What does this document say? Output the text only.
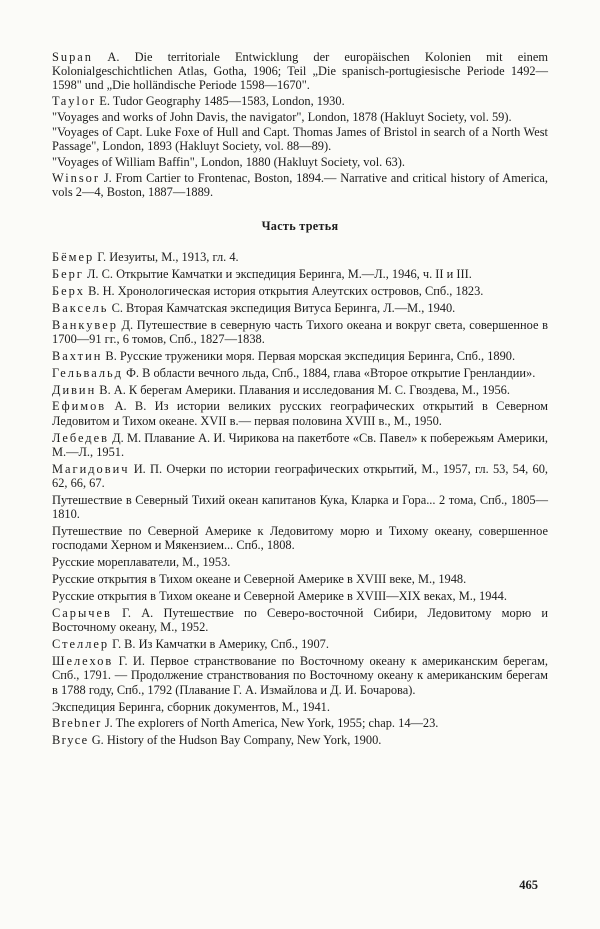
Supan A. Die territoriale Entwicklung der europäischen Kolonien mit einem Kolonialgeschichtlichen Atlas, Gotha, 1906; Teil „Die spanisch-portugiesische Periode 1492—1598" und „Die holländische Periode 1598—1670".

Taylor E. Tudor Geography 1485—1583, London, 1930.

"Voyages and works of John Davis, the navigator", London, 1878 (Hakluyt Society, vol. 59).

"Voyages of Capt. Luke Foxe of Hull and Capt. Thomas James of Bristol in search of a North West Passage", London, 1893 (Hakluyt Society, vol. 88—89).

"Voyages of William Baffin", London, 1880 (Hakluyt Society, vol. 63).

Winsor J. From Cartier to Frontenac, Boston, 1894.— Narrative and critical history of America, vols 2—4, Boston, 1887—1889.

Часть третья

Бёмер Г. Иезуиты, М., 1913, гл. 4.

Берг Л. С. Открытие Камчатки и экспедиция Беринга, М.—Л., 1946, ч. II и III.

Берх В. Н. Хронологическая история открытия Алеутских островов, Спб., 1823.

Ваксель С. Вторая Камчатская экспедиция Витуса Беринга, Л.—М., 1940.

Ванкувер Д. Путешествие в северную часть Тихого океана и вокруг света, совершенное в 1700—91 гг., 6 томов, Спб., 1827—1838.

Вахтин В. Русские труженики моря. Первая морская экспедиция Беринга, Спб., 1890.

Гельвальд Ф. В области вечного льда, Спб., 1884, глава «Второе открытие Гренландии».

Дивин В. А. К берегам Америки. Плавания и исследования М. С. Гвоздева, М., 1956.

Ефимов А. В. Из истории великих русских географических открытий в Северном Ледовитом и Тихом океане. XVII в.— первая половина XVIII в., М., 1950.

Лебедев Д. М. Плавание А. И. Чирикова на пакетботе «Св. Павел» к побережьям Америки, М.—Л., 1951.

Магидович И. П. Очерки по истории географических открытий, М., 1957, гл. 53, 54, 60, 62, 66, 67.

Путешествие в Северный Тихий океан капитанов Кука, Кларка и Гора... 2 тома, Спб., 1805—1810.

Путешествие по Северной Америке к Ледовитому морю и Тихому океану, совершенное господами Херном и Мякензием... Спб., 1808.

Русские мореплаватели, М., 1953.

Русские открытия в Тихом океане и Северной Америке в XVIII веке, М., 1948.

Русские открытия в Тихом океане и Северной Америке в XVIII—XIX веках, М., 1944.

Сарычев Г. А. Путешествие по Северо-восточной Сибири, Ледовитому морю и Восточному океану, М., 1952.

Стеллер Г. В. Из Камчатки в Америку, Спб., 1907.

Шелехов Г. И. Первое странствование по Восточному океану к американским берегам, Спб., 1791. — Продолжение странствования по Восточному океану к американским берегам в 1788 году, Спб., 1792 (Плавание Г. А. Измайлова и Д. И. Бочарова).

Экспедиция Беринга, сборник документов, М., 1941.

Brebner J. The explorers of North America, New York, 1955; chap. 14—23.

Bryce G. History of the Hudson Bay Company, New York, 1900.

465
